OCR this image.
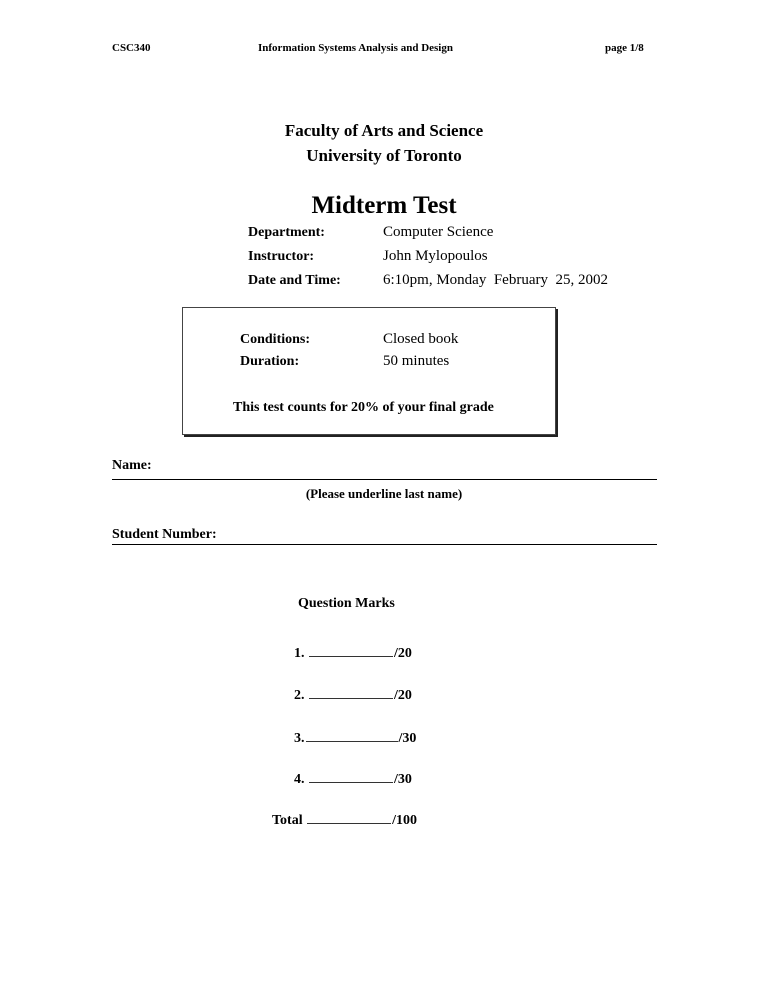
CSC340	Information Systems Analysis and Design	page 1/8
Faculty of Arts and Science
University of Toronto
Midterm Test
Department:	Computer Science
Instructor:	John Mylopoulos
Date and Time:	6:10pm, Monday  February  25, 2002
Conditions:	Closed book
Duration:	50 minutes
This test counts for 20% of your final grade
Name:
(Please underline last name)
Student Number:
Question Marks
1.	/20
2.	/20
3.	/30
4.	/30
Total	/100
